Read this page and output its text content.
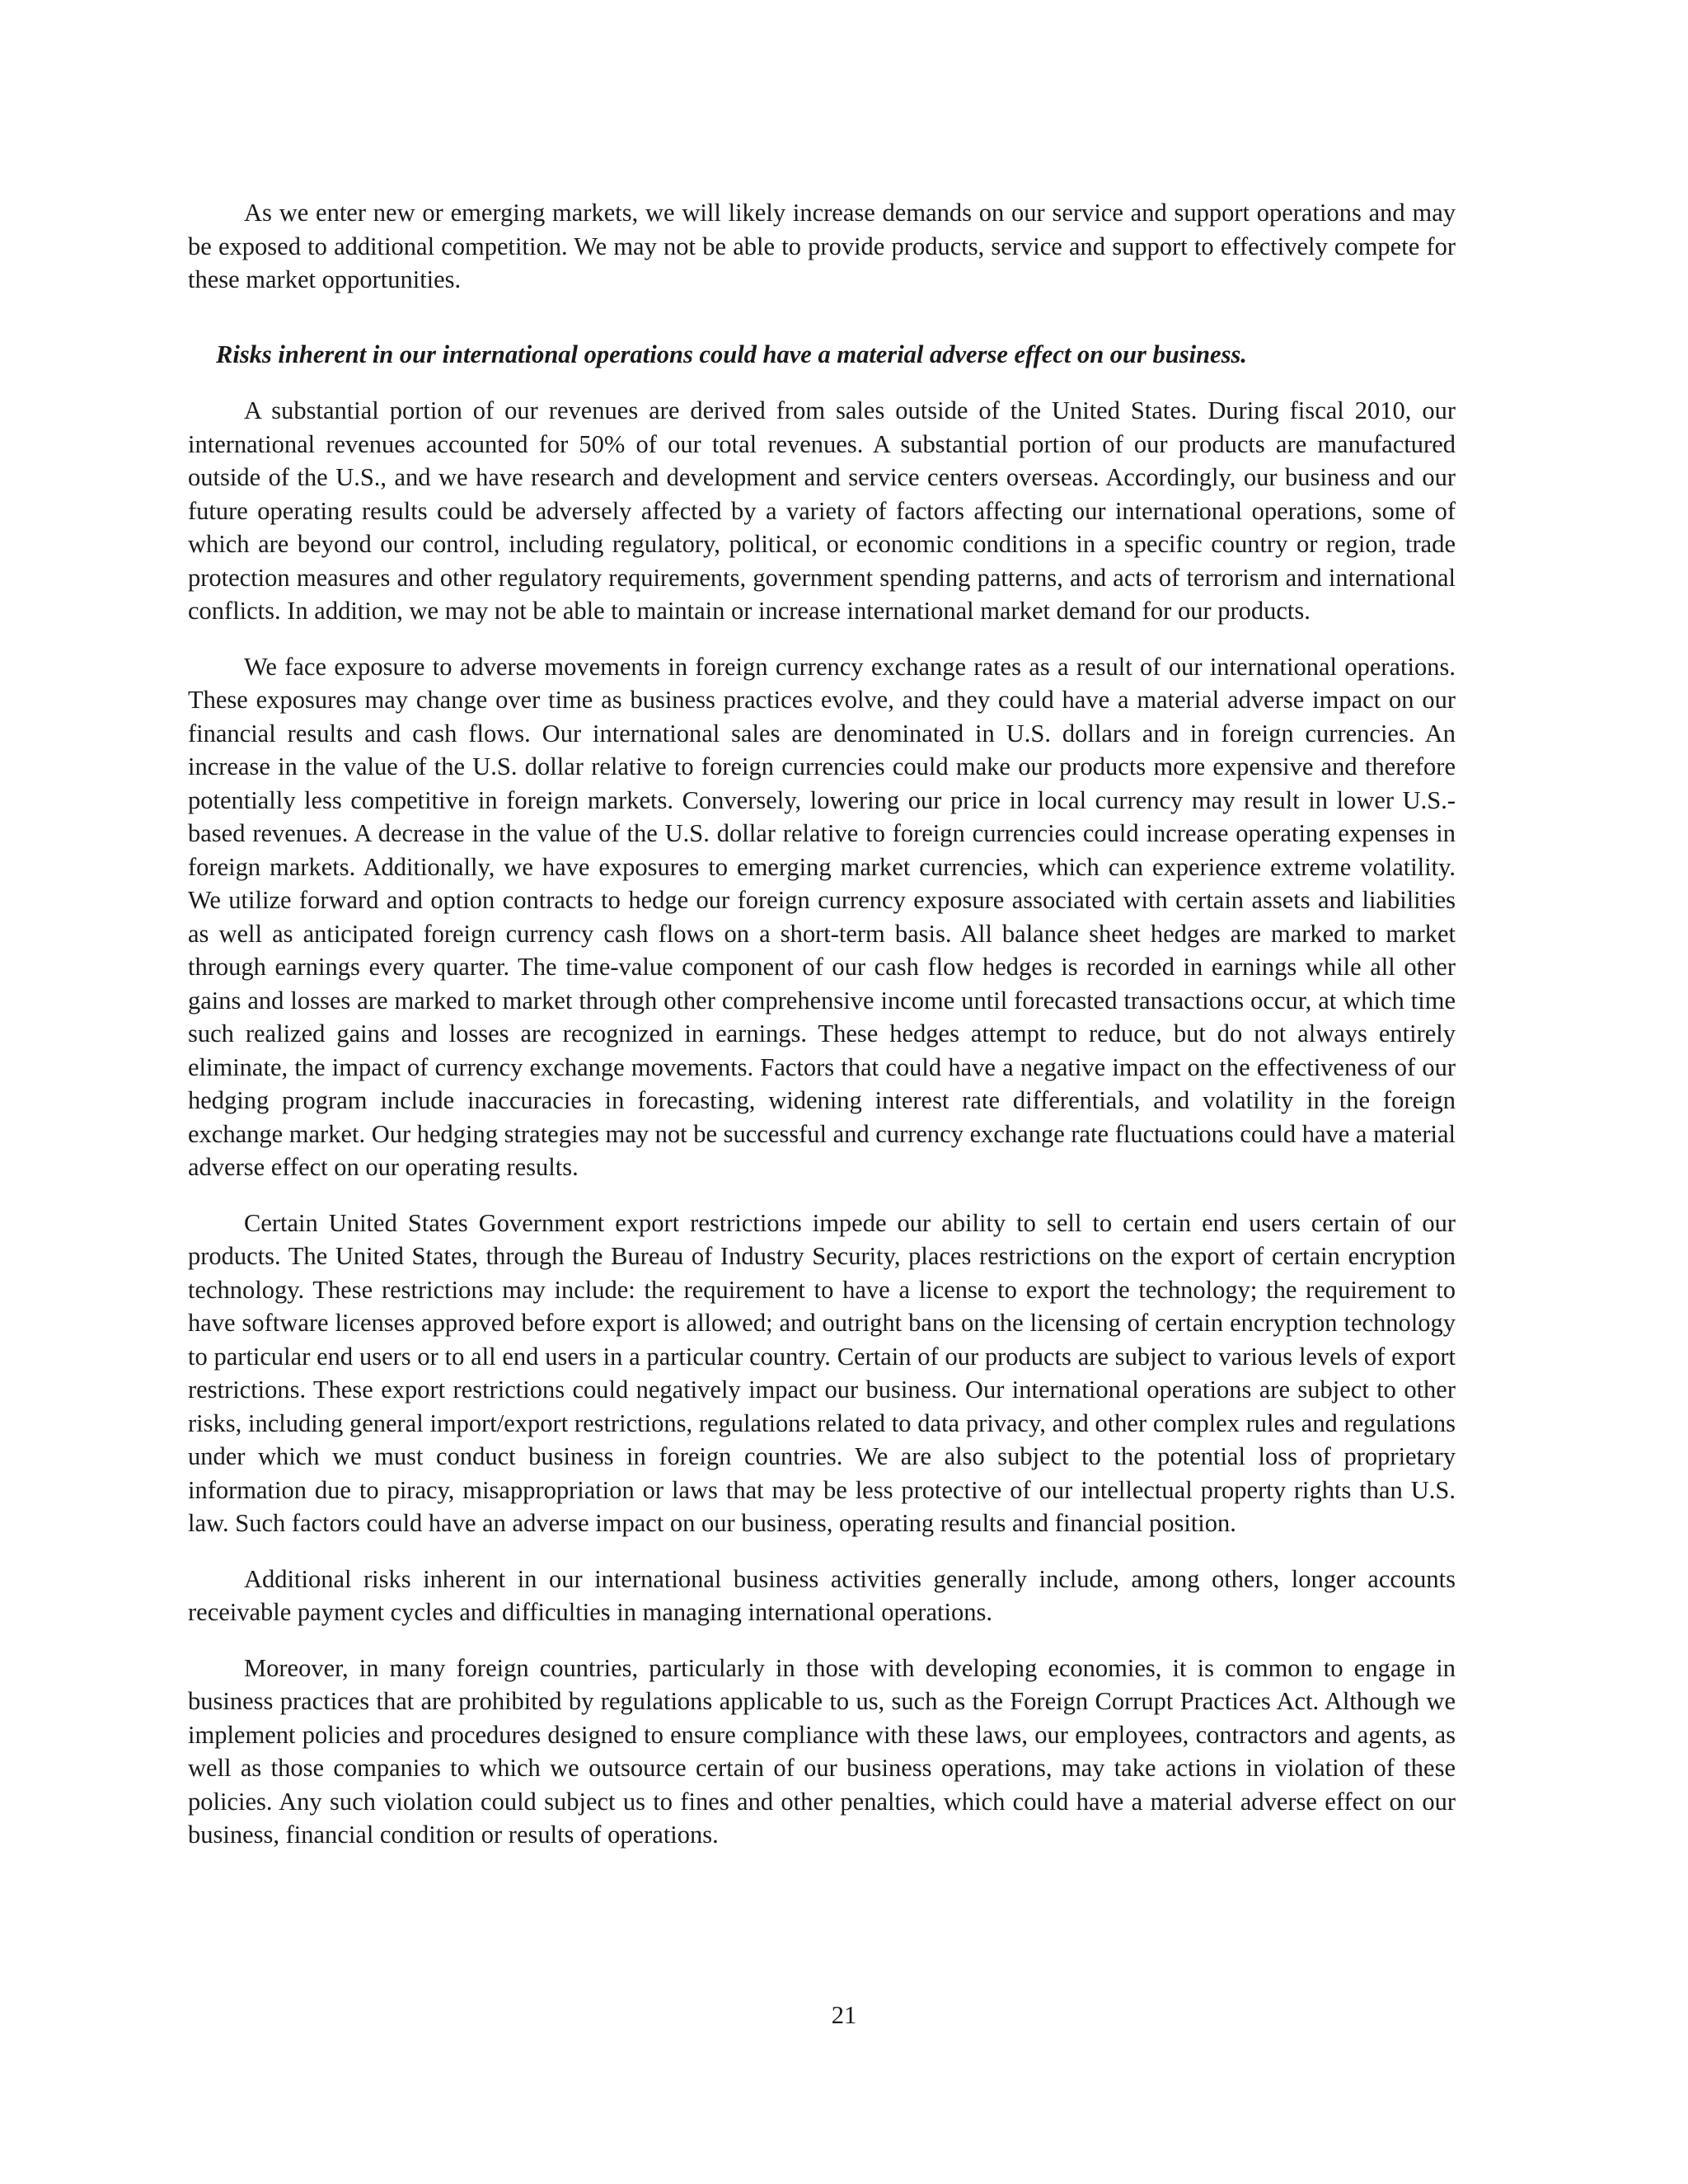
As we enter new or emerging markets, we will likely increase demands on our service and support operations and may be exposed to additional competition. We may not be able to provide products, service and support to effectively compete for these market opportunities.

Risks inherent in our international operations could have a material adverse effect on our business.

A substantial portion of our revenues are derived from sales outside of the United States. During fiscal 2010, our international revenues accounted for 50% of our total revenues. A substantial portion of our products are manufactured outside of the U.S., and we have research and development and service centers overseas. Accordingly, our business and our future operating results could be adversely affected by a variety of factors affecting our international operations, some of which are beyond our control, including regulatory, political, or economic conditions in a specific country or region, trade protection measures and other regulatory requirements, government spending patterns, and acts of terrorism and international conflicts. In addition, we may not be able to maintain or increase international market demand for our products.

We face exposure to adverse movements in foreign currency exchange rates as a result of our international operations. These exposures may change over time as business practices evolve, and they could have a material adverse impact on our financial results and cash flows. Our international sales are denominated in U.S. dollars and in foreign currencies. An increase in the value of the U.S. dollar relative to foreign currencies could make our products more expensive and therefore potentially less competitive in foreign markets. Conversely, lowering our price in local currency may result in lower U.S.-based revenues. A decrease in the value of the U.S. dollar relative to foreign currencies could increase operating expenses in foreign markets. Additionally, we have exposures to emerging market currencies, which can experience extreme volatility. We utilize forward and option contracts to hedge our foreign currency exposure associated with certain assets and liabilities as well as anticipated foreign currency cash flows on a short-term basis. All balance sheet hedges are marked to market through earnings every quarter. The time-value component of our cash flow hedges is recorded in earnings while all other gains and losses are marked to market through other comprehensive income until forecasted transactions occur, at which time such realized gains and losses are recognized in earnings. These hedges attempt to reduce, but do not always entirely eliminate, the impact of currency exchange movements. Factors that could have a negative impact on the effectiveness of our hedging program include inaccuracies in forecasting, widening interest rate differentials, and volatility in the foreign exchange market. Our hedging strategies may not be successful and currency exchange rate fluctuations could have a material adverse effect on our operating results.

Certain United States Government export restrictions impede our ability to sell to certain end users certain of our products. The United States, through the Bureau of Industry Security, places restrictions on the export of certain encryption technology. These restrictions may include: the requirement to have a license to export the technology; the requirement to have software licenses approved before export is allowed; and outright bans on the licensing of certain encryption technology to particular end users or to all end users in a particular country. Certain of our products are subject to various levels of export restrictions. These export restrictions could negatively impact our business. Our international operations are subject to other risks, including general import/export restrictions, regulations related to data privacy, and other complex rules and regulations under which we must conduct business in foreign countries. We are also subject to the potential loss of proprietary information due to piracy, misappropriation or laws that may be less protective of our intellectual property rights than U.S. law. Such factors could have an adverse impact on our business, operating results and financial position.

Additional risks inherent in our international business activities generally include, among others, longer accounts receivable payment cycles and difficulties in managing international operations.

Moreover, in many foreign countries, particularly in those with developing economies, it is common to engage in business practices that are prohibited by regulations applicable to us, such as the Foreign Corrupt Practices Act. Although we implement policies and procedures designed to ensure compliance with these laws, our employees, contractors and agents, as well as those companies to which we outsource certain of our business operations, may take actions in violation of these policies. Any such violation could subject us to fines and other penalties, which could have a material adverse effect on our business, financial condition or results of operations.

21
